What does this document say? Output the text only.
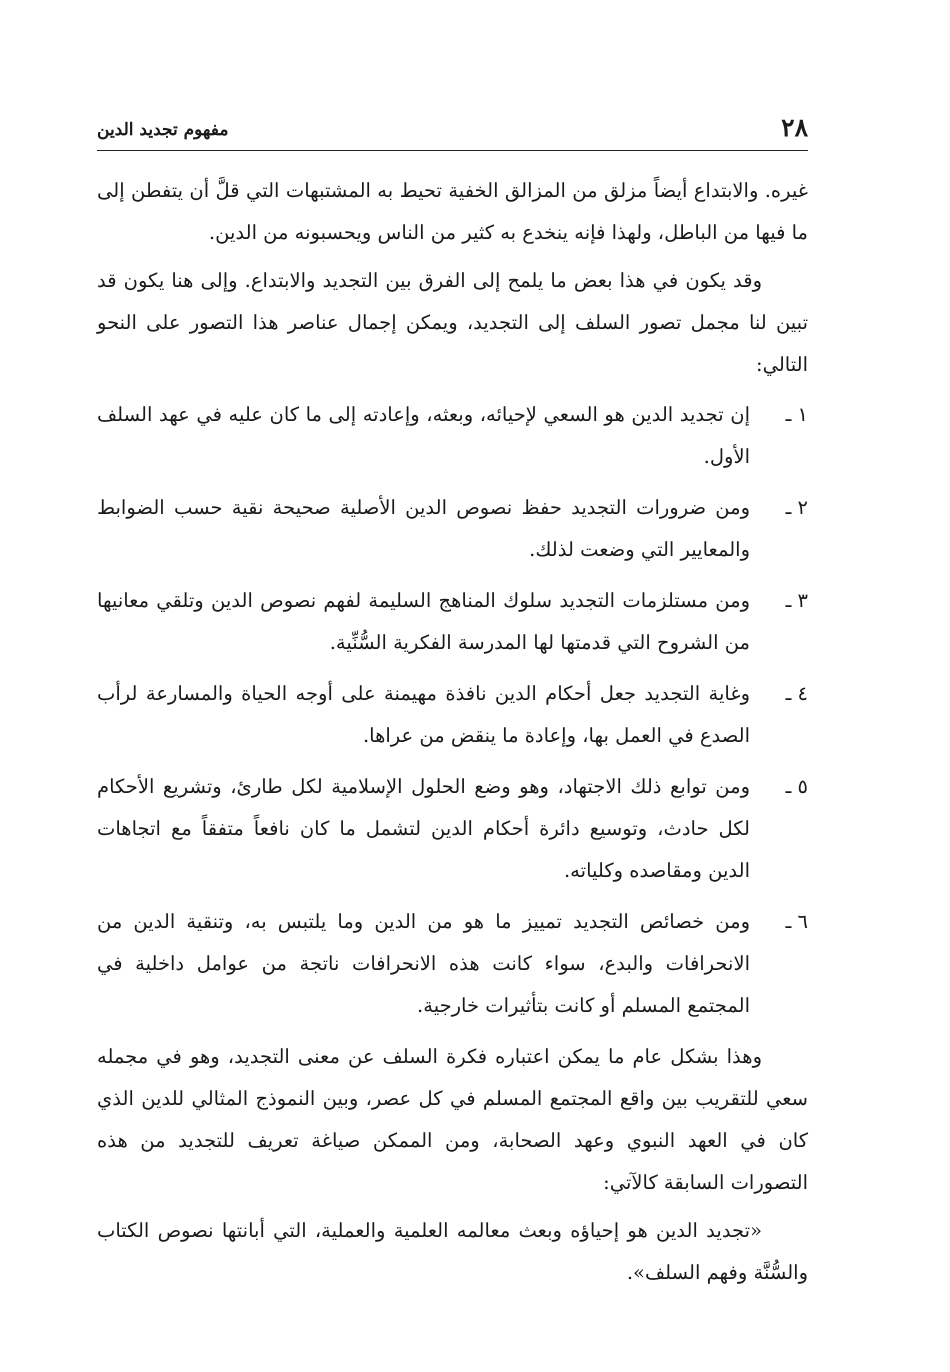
٢٨
مفهوم تجديد الدين

غيره. والابتداع أيضاً مزلق من المزالق الخفية تحيط به المشتبهات التي قلَّ أن يتفطن إلى ما فيها من الباطل، ولهذا فإنه ينخدع به كثير من الناس ويحسبونه من الدين.

وقد يكون في هذا بعض ما يلمح إلى الفرق بين التجديد والابتداع. وإلى هنا يكون قد تبين لنا مجمل تصور السلف إلى التجديد، ويمكن إجمال عناصر هذا التصور على النحو التالي:

١ ـ
إن تجديد الدين هو السعي لإحيائه، وبعثه، وإعادته إلى ما كان عليه في عهد السلف الأول.
٢ ـ
ومن ضرورات التجديد حفظ نصوص الدين الأصلية صحيحة نقية حسب الضوابط والمعايير التي وضعت لذلك.
٣ ـ
ومن مستلزمات التجديد سلوك المناهج السليمة لفهم نصوص الدين وتلقي معانيها من الشروح التي قدمتها لها المدرسة الفكرية السُّنِّية.
٤ ـ
وغاية التجديد جعل أحكام الدين نافذة مهيمنة على أوجه الحياة والمسارعة لرأب الصدع في العمل بها، وإعادة ما ينقض من عراها.
٥ ـ
ومن توابع ذلك الاجتهاد، وهو وضع الحلول الإسلامية لكل طارئ، وتشريع الأحكام لكل حادث، وتوسيع دائرة أحكام الدين لتشمل ما كان نافعاً متفقاً مع اتجاهات الدين ومقاصده وكلياته.
٦ ـ
ومن خصائص التجديد تمييز ما هو من الدين وما يلتبس به، وتنقية الدين من الانحرافات والبدع، سواء كانت هذه الانحرافات ناتجة من عوامل داخلية في المجتمع المسلم أو كانت بتأثيرات خارجية.

وهذا بشكل عام ما يمكن اعتباره فكرة السلف عن معنى التجديد، وهو في مجمله سعي للتقريب بين واقع المجتمع المسلم في كل عصر، وبين النموذج المثالي للدين الذي كان في العهد النبوي وعهد الصحابة، ومن الممكن صياغة تعريف للتجديد من هذه التصورات السابقة كالآتي:

«تجديد الدين هو إحياؤه وبعث معالمه العلمية والعملية، التي أبانتها نصوص الكتاب والسُّنَّة وفهم السلف».
